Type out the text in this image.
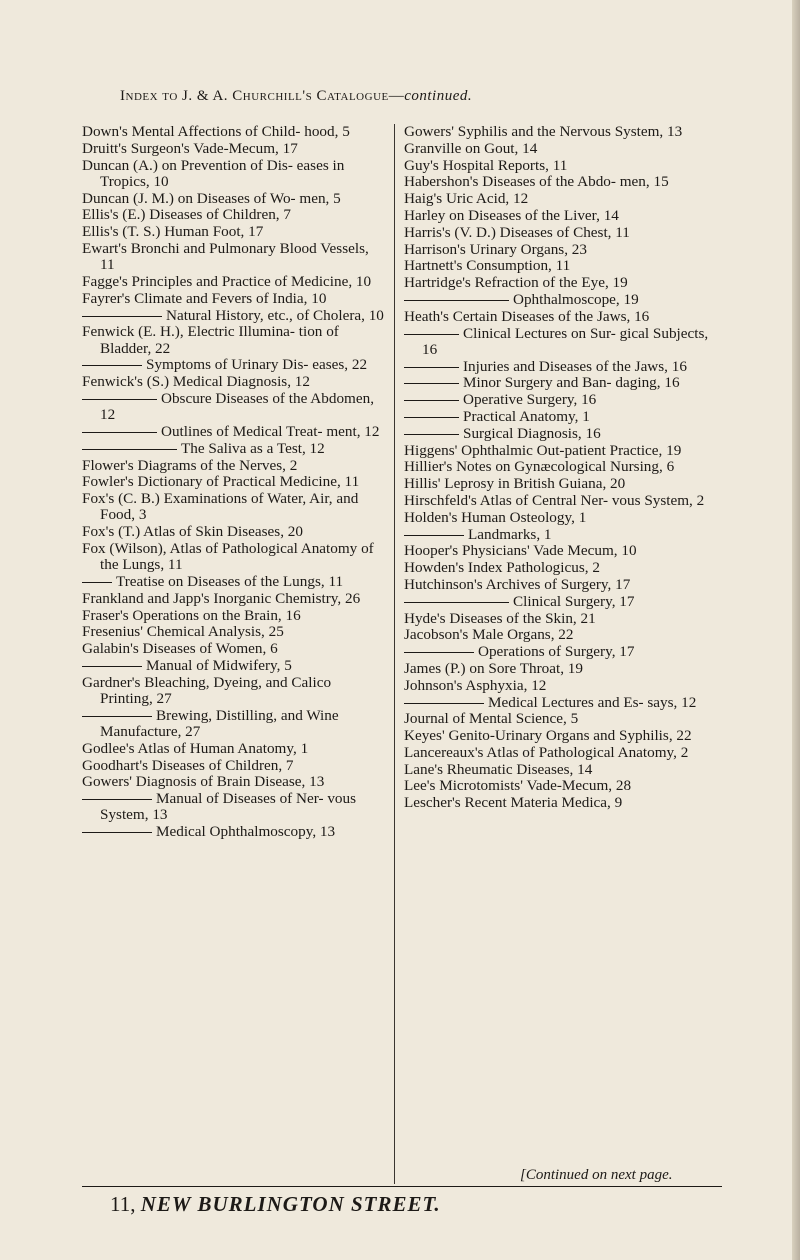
Index to J. & A. Churchill's Catalogue—continued.
Down's Mental Affections of Child- hood, 5
Druitt's Surgeon's Vade-Mecum, 17
Duncan (A.) on Prevention of Dis- eases in Tropics, 10
Duncan (J. M.) on Diseases of Wo- men, 5
Ellis's (E.) Diseases of Children, 7
Ellis's (T. S.) Human Foot, 17
Ewart's Bronchi and Pulmonary Blood Vessels, 11
Fagge's Principles and Practice of Medicine, 10
Fayrer's Climate and Fevers of India, 10
Natural History, etc., of Cholera, 10
Fenwick (E. H.), Electric Illumina- tion of Bladder, 22
Symptoms of Urinary Dis- eases, 22
Fenwick's (S.) Medical Diagnosis, 12
Obscure Diseases of the Abdomen, 12
Outlines of Medical Treat- ment, 12
The Saliva as a Test, 12
Flower's Diagrams of the Nerves, 2
Fowler's Dictionary of Practical Medicine, 11
Fox's (C. B.) Examinations of Water, Air, and Food, 3
Fox's (T.) Atlas of Skin Diseases, 20
Fox (Wilson), Atlas of Pathological Anatomy of the Lungs, 11
Treatise on Diseases of the Lungs, 11
Frankland and Japp's Inorganic Chemistry, 26
Fraser's Operations on the Brain, 16
Fresenius' Chemical Analysis, 25
Galabin's Diseases of Women, 6
Manual of Midwifery, 5
Gardner's Bleaching, Dyeing, and Calico Printing, 27
Brewing, Distilling, and Wine Manufacture, 27
Godlee's Atlas of Human Anatomy, 1
Goodhart's Diseases of Children, 7
Gowers' Diagnosis of Brain Disease, 13
Manual of Diseases of Ner- vous System, 13
Medical Ophthalmoscopy, 13
Gowers' Syphilis and the Nervous System, 13
Granville on Gout, 14
Guy's Hospital Reports, 11
Habershon's Diseases of the Abdo- men, 15
Haig's Uric Acid, 12
Harley on Diseases of the Liver, 14
Harris's (V. D.) Diseases of Chest, 11
Harrison's Urinary Organs, 23
Hartnett's Consumption, 11
Hartridge's Refraction of the Eye, 19
Ophthalmoscope, 19
Heath's Certain Diseases of the Jaws, 16
Clinical Lectures on Sur- gical Subjects, 16
Injuries and Diseases of the Jaws, 16
Minor Surgery and Ban- daging, 16
Operative Surgery, 16
Practical Anatomy, 1
Surgical Diagnosis, 16
Higgens' Ophthalmic Out-patient Practice, 19
Hillier's Notes on Gynæcological Nursing, 6
Hillis' Leprosy in British Guiana, 20
Hirschfeld's Atlas of Central Ner- vous System, 2
Holden's Human Osteology, 1
Landmarks, 1
Hooper's Physicians' Vade Mecum, 10
Howden's Index Pathologicus, 2
Hutchinson's Archives of Surgery, 17
Clinical Surgery, 17
Hyde's Diseases of the Skin, 21
Jacobson's Male Organs, 22
Operations of Surgery, 17
James (P.) on Sore Throat, 19
Johnson's Asphyxia, 12
Medical Lectures and Es- says, 12
Journal of Mental Science, 5
Keyes' Genito-Urinary Organs and Syphilis, 22
Lancereaux's Atlas of Pathological Anatomy, 2
Lane's Rheumatic Diseases, 14
Lee's Microtomists' Vade-Mecum, 28
Lescher's Recent Materia Medica, 9
[Continued on next page.
11, NEW BURLINGTON STREET.
